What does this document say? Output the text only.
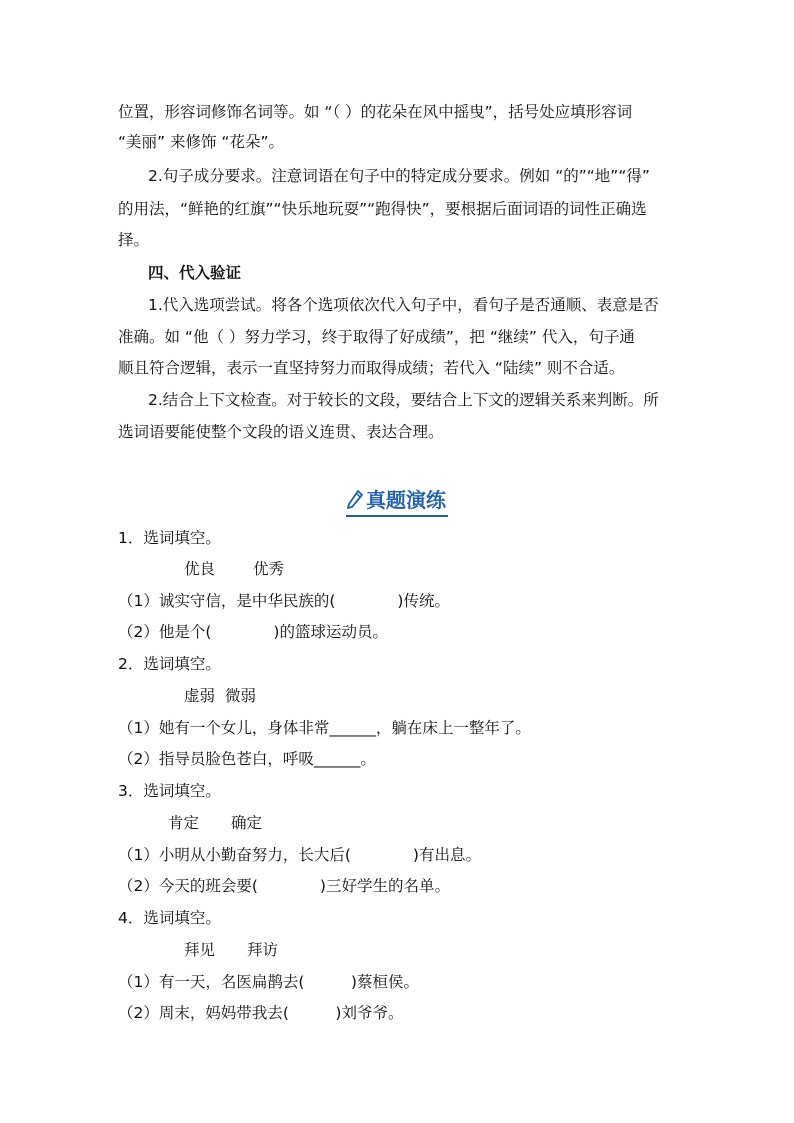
位置，形容词修饰名词等。如 “（ ）的花朵在风中摇曳”，括号处应填形容词
“美丽” 来修饰 “花朵”。
2.句子成分要求。注意词语在句子中的特定成分要求。例如 “的”“地”“得”
的用法，“鲜艳的红旗”“快乐地玩耍”“跑得快”，要根据后面词语的词性正确选
择。
四、代入验证
1.代入选项尝试。将各个选项依次代入句子中，看句子是否通顺、表意是否
准确。如 “他（ ）努力学习，终于取得了好成绩”，把 “继续” 代入，句子通
顺且符合逻辑，表示一直坚持努力而取得成绩；若代入 “陆续” 则不合适。
2.结合上下文检查。对于较长的文段，要结合上下文的逻辑关系来判断。所
选词语要能使整个文段的语义连贯、表达合理。
真题演练
1．选词填空。
优良 优秀
（1）诚实守信，是中华民族的(　　　　)传统。
（2）他是个(　　　　)的篮球运动员。
2．选词填空。
虚弱 微弱
（1）她有一个女儿，身体非常______，躺在床上一整年了。
（2）指导员脸色苍白，呼吸______。
3．选词填空。
肯定 确定
（1）小明从小勤奋努力，长大后(　　　　)有出息。
（2）今天的班会要(　　　　)三好学生的名单。
4．选词填空。
拜见 拜访
（1）有一天，名医扁鹊去(　　　)蔡桓侯。
（2）周末，妈妈带我去(　　　)刘爷爷。
